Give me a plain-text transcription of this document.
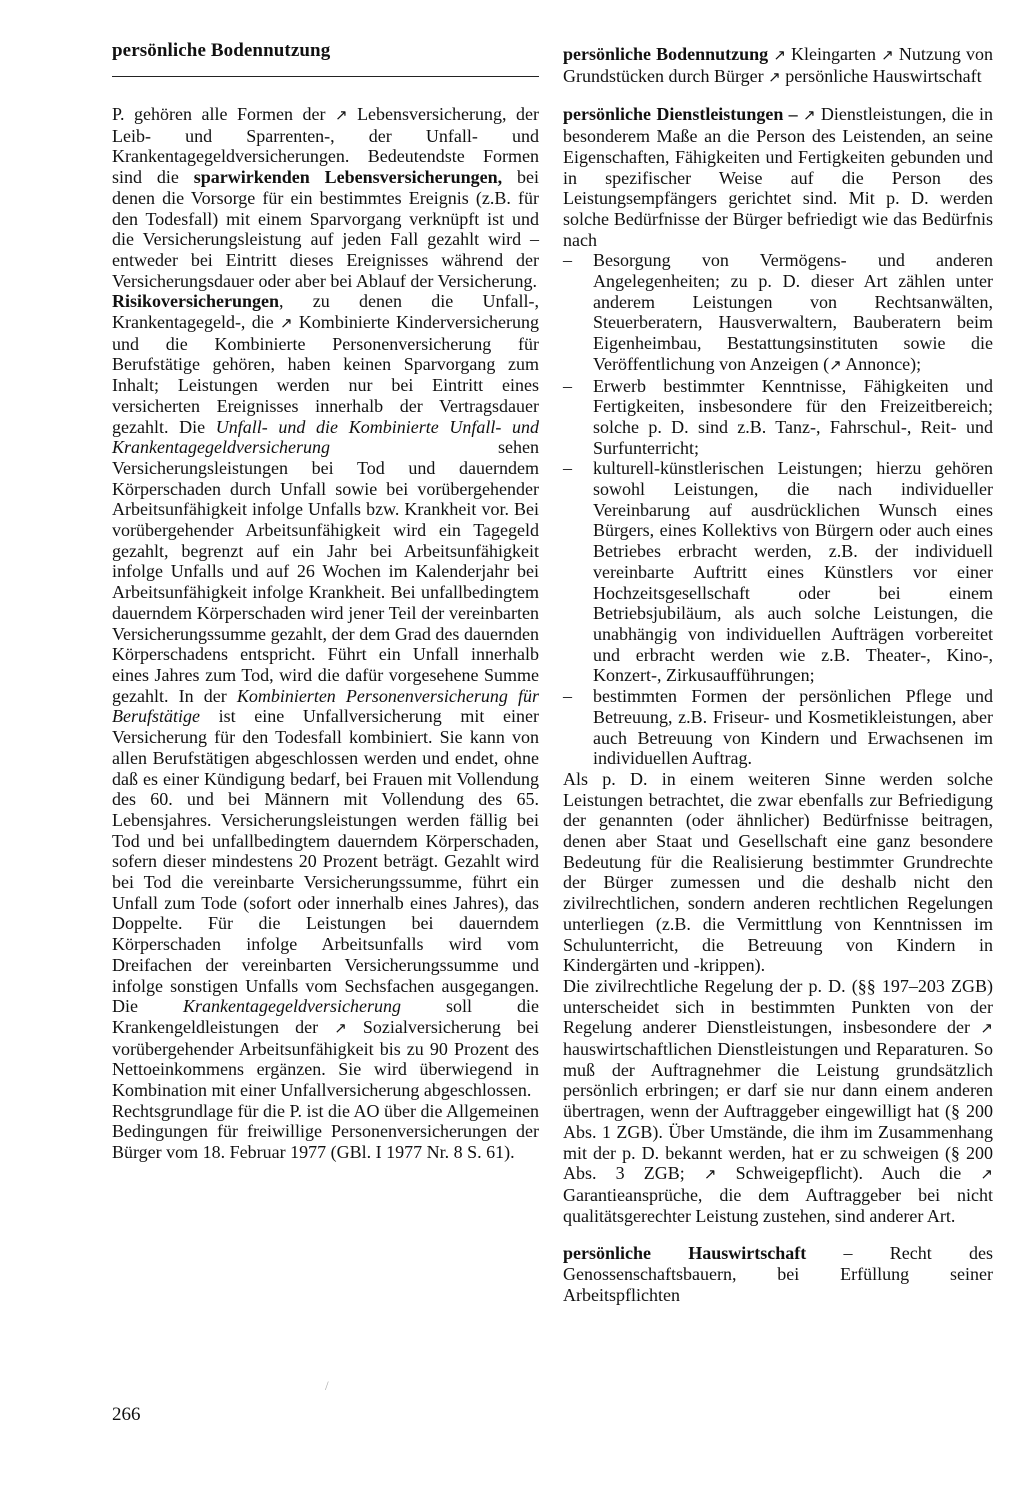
persönliche Bodennutzung

P. gehören alle Formen der ↗ Lebensversicherung, der Leib- und Sparrenten-, der Unfall- und Krankentagegeldversicherungen. Bedeutendste Formen sind die sparwirkenden Lebensversicherungen, bei denen die Vorsorge für ein bestimmtes Ereignis (z.B. für den Todesfall) mit einem Sparvorgang verknüpft ist und die Versicherungsleistung auf jeden Fall gezahlt wird – entweder bei Eintritt dieses Ereignisses während der Versicherungsdauer oder aber bei Ablauf der Versicherung.

Risikoversicherungen, zu denen die Unfall-, Krankentagegeld-, die ↗ Kombinierte Kinderversicherung und die Kombinierte Personenversicherung für Berufstätige gehören, haben keinen Sparvorgang zum Inhalt; Leistungen werden nur bei Eintritt eines versicherten Ereignisses innerhalb der Vertragsdauer gezahlt. Die Unfall- und die Kombinierte Unfall- und Krankentagegeldversicherung sehen Versicherungsleistungen bei Tod und dauerndem Körperschaden durch Unfall sowie bei vorübergehender Arbeitsunfähigkeit infolge Unfalls bzw. Krankheit vor. Bei vorübergehender Arbeitsunfähigkeit wird ein Tagegeld gezahlt, begrenzt auf ein Jahr bei Arbeitsunfähigkeit infolge Unfalls und auf 26 Wochen im Kalenderjahr bei Arbeitsunfähigkeit infolge Krankheit. Bei unfallbedingtem dauerndem Körperschaden wird jener Teil der vereinbarten Versicherungssumme gezahlt, der dem Grad des dauernden Körperschadens entspricht. Führt ein Unfall innerhalb eines Jahres zum Tod, wird die dafür vorgesehene Summe gezahlt. In der Kombinierten Personenversicherung für Berufstätige ist eine Unfallversicherung mit einer Versicherung für den Todesfall kombiniert. Sie kann von allen Berufstätigen abgeschlossen werden und endet, ohne daß es einer Kündigung bedarf, bei Frauen mit Vollendung des 60. und bei Männern mit Vollendung des 65. Lebensjahres. Versicherungsleistungen werden fällig bei Tod und bei unfallbedingtem dauerndem Körperschaden, sofern dieser mindestens 20 Prozent beträgt. Gezahlt wird bei Tod die vereinbarte Versicherungssumme, führt ein Unfall zum Tode (sofort oder innerhalb eines Jahres), das Doppelte. Für die Leistungen bei dauerndem Körperschaden infolge Arbeitsunfalls wird vom Dreifachen der vereinbarten Versicherungssumme und infolge sonstigen Unfalls vom Sechsfachen ausgegangen. Die Krankentagegeldversicherung soll die Krankengeldleistungen der ↗ Sozialversicherung bei vorübergehender Arbeitsunfähigkeit bis zu 90 Prozent des Nettoeinkommens ergänzen. Sie wird überwiegend in Kombination mit einer Unfallversicherung abgeschlossen.

Rechtsgrundlage für die P. ist die AO über die Allgemeinen Bedingungen für freiwillige Personenversicherungen der Bürger vom 18. Februar 1977 (GBl. I 1977 Nr. 8 S. 61).

persönliche Bodennutzung ↗ Kleingarten ↗ Nutzung von Grundstücken durch Bürger ↗ persönliche Hauswirtschaft

persönliche Dienstleistungen – ↗ Dienstleistungen, die in besonderem Maße an die Person des Leistenden, an seine Eigenschaften, Fähigkeiten und Fertigkeiten gebunden und in spezifischer Weise auf die Person des Leistungsempfängers gerichtet sind. Mit p. D. werden solche Bedürfnisse der Bürger befriedigt wie das Bedürfnis nach

– Besorgung von Vermögens- und anderen Angelegenheiten; zu p. D. dieser Art zählen unter anderem Leistungen von Rechtsanwälten, Steuerberatern, Hausverwaltern, Bauberatern beim Eigenheimbau, Bestattungsinstituten sowie die Veröffentlichung von Anzeigen (↗ Annonce);
– Erwerb bestimmter Kenntnisse, Fähigkeiten und Fertigkeiten, insbesondere für den Freizeitbereich; solche p. D. sind z.B. Tanz-, Fahrschul-, Reit- und Surfunterricht;
– kulturell-künstlerischen Leistungen; hierzu gehören sowohl Leistungen, die nach individueller Vereinbarung auf ausdrücklichen Wunsch eines Bürgers, eines Kollektivs von Bürgern oder auch eines Betriebes erbracht werden, z.B. der individuell vereinbarte Auftritt eines Künstlers vor einer Hochzeitsgesellschaft oder bei einem Betriebsjubiläum, als auch solche Leistungen, die unabhängig von individuellen Aufträgen vorbereitet und erbracht werden wie z.B. Theater-, Kino-, Konzert-, Zirkusaufführungen;
– bestimmten Formen der persönlichen Pflege und Betreuung, z.B. Friseur- und Kosmetikleistungen, aber auch Betreuung von Kindern und Erwachsenen im individuellen Auftrag.

Als p. D. in einem weiteren Sinne werden solche Leistungen betrachtet, die zwar ebenfalls zur Befriedigung der genannten (oder ähnlicher) Bedürfnisse beitragen, denen aber Staat und Gesellschaft eine ganz besondere Bedeutung für die Realisierung bestimmter Grundrechte der Bürger zumessen und die deshalb nicht den zivilrechtlichen, sondern anderen rechtlichen Regelungen unterliegen (z.B. die Vermittlung von Kenntnissen im Schulunterricht, die Betreuung von Kindern in Kindergärten und -krippen).

Die zivilrechtliche Regelung der p. D. (§§ 197–203 ZGB) unterscheidet sich in bestimmten Punkten von der Regelung anderer Dienstleistungen, insbesondere der ↗ hauswirtschaftlichen Dienstleistungen und Reparaturen. So muß der Auftragnehmer die Leistung grundsätzlich persönlich erbringen; er darf sie nur dann einem anderen übertragen, wenn der Auftraggeber eingewilligt hat (§ 200 Abs. 1 ZGB). Über Umstände, die ihm im Zusammenhang mit der p. D. bekannt werden, hat er zu schweigen (§ 200 Abs. 3 ZGB; ↗ Schweigepflicht). Auch die ↗ Garantieansprüche, die dem Auftraggeber bei nicht qualitätsgerechter Leistung zustehen, sind anderer Art.

persönliche Hauswirtschaft – Recht des Genossenschaftsbauern, bei Erfüllung seiner Arbeitspflichten

/
266
